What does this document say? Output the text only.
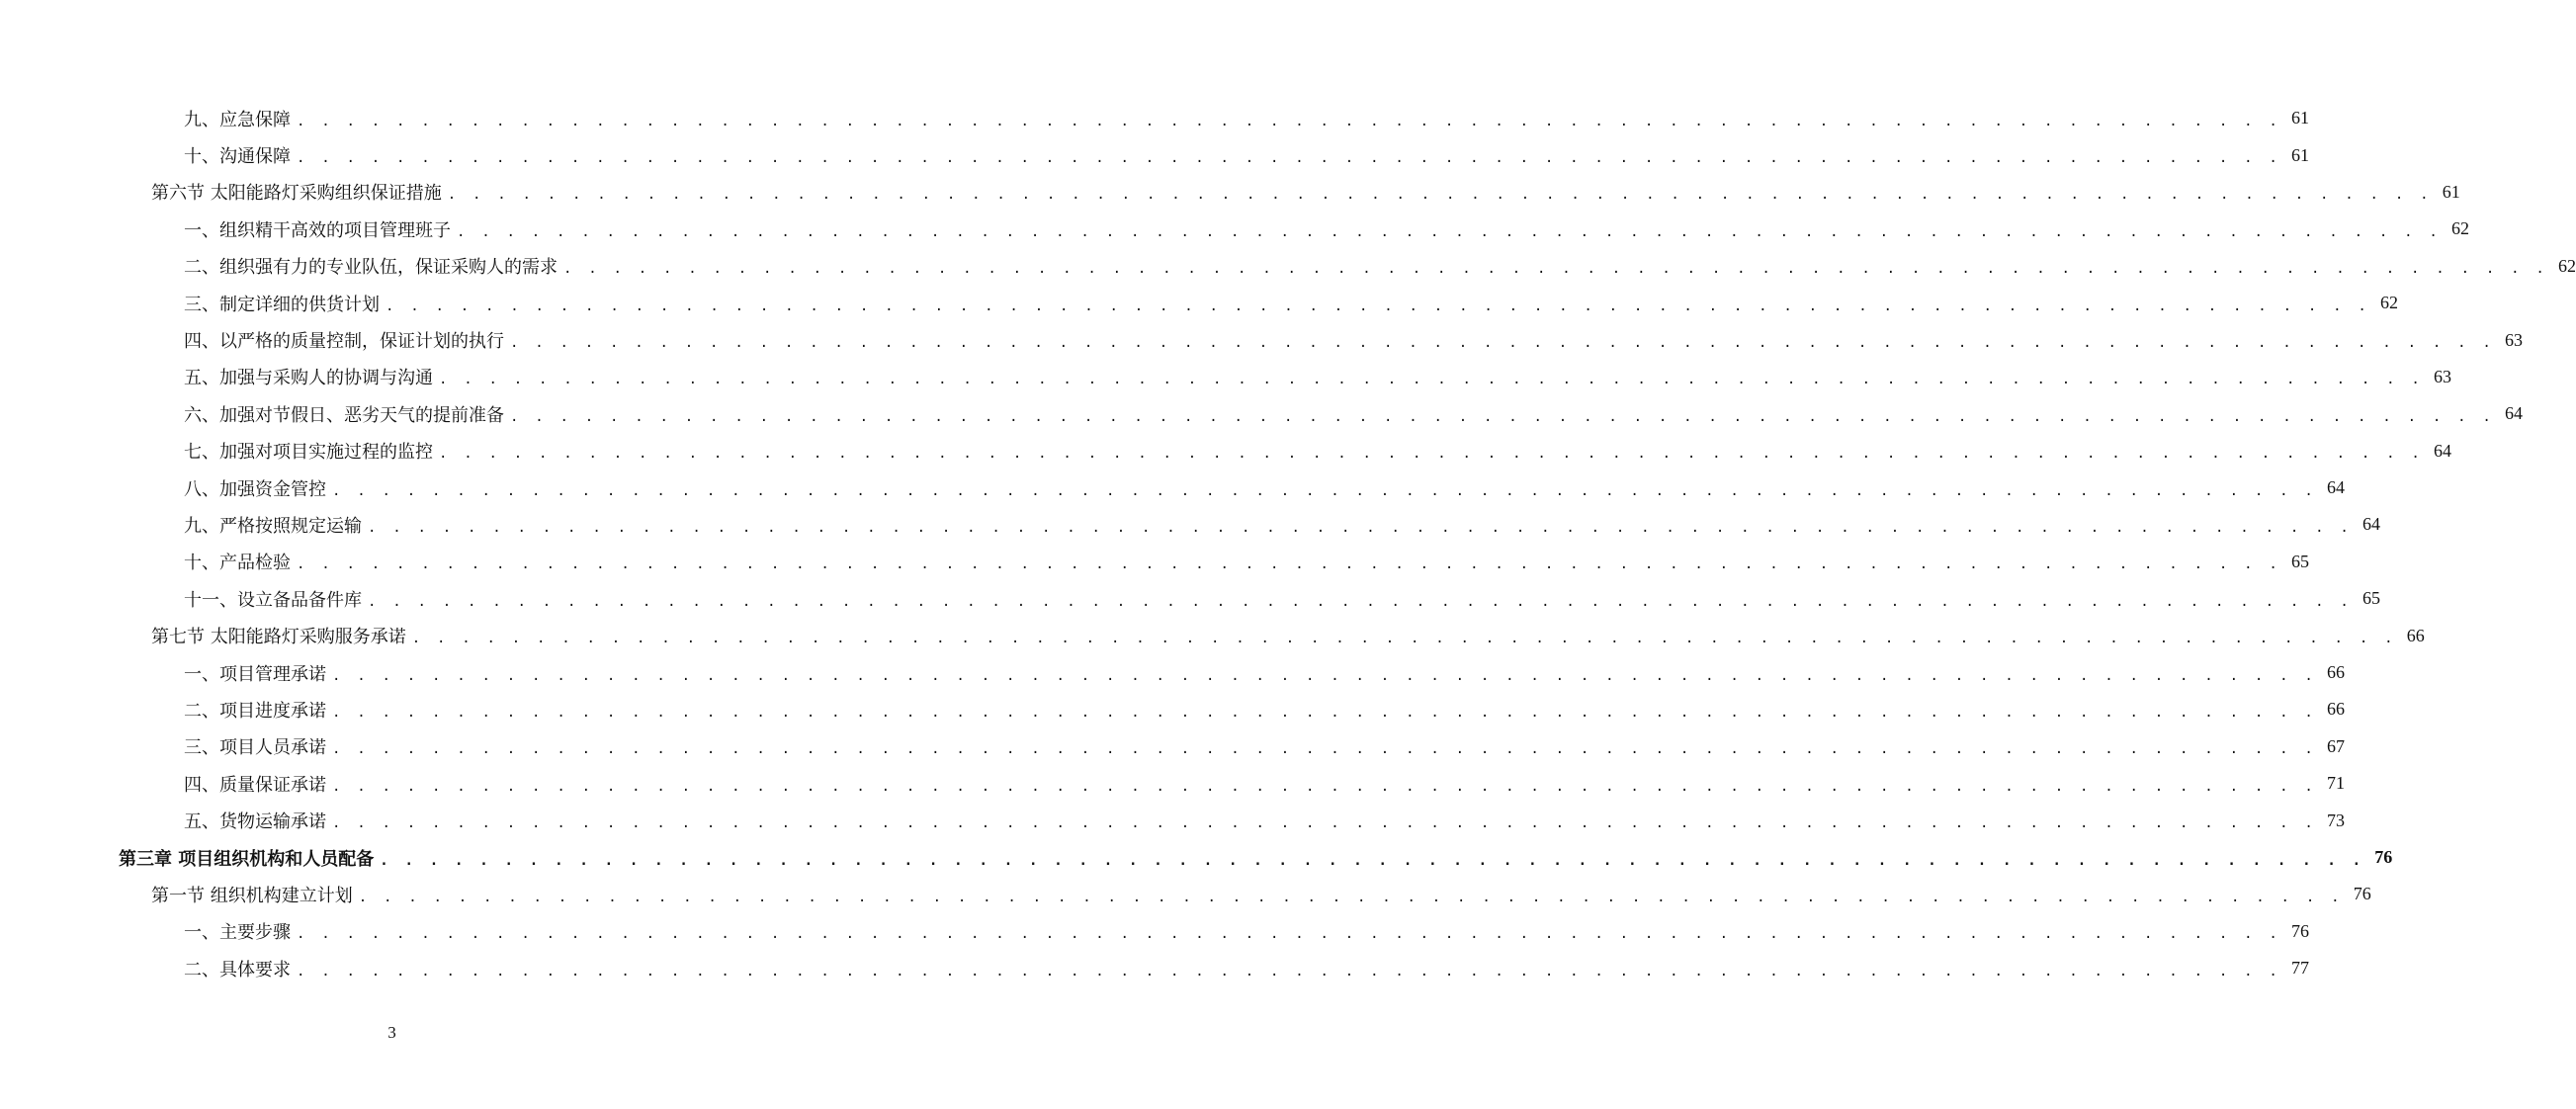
九、应急保障 . . . . . . . . . . . . . . . . . . . . . . . . . . . . . . . . . . . . . . . . . . . . . . . . . . . . . . . . . . . . . . . . . . . . . . . . . . . . . . . . 61
十、沟通保障 . . . . . . . . . . . . . . . . . . . . . . . . . . . . . . . . . . . . . . . . . . . . . . . . . . . . . . . . . . . . . . . . . . . . . . . . . . . . . . . . 61
第六节 太阳能路灯采购组织保证措施 . . . . . . . . . . . . . . . . . . . . . . . . . . . . . . . . . . . . . . . . . . . . . . . . . . . . . . . . . . . . . . . . . . . . . . . . . . . . . . . . 61
一、组织精干高效的项目管理班子 . . . . . . . . . . . . . . . . . . . . . . . . . . . . . . . . . . . . . . . . . . . . . . . . . . . . . . . . . . . . . . . . . . . . . . . . . . . . . . . . 62
二、组织强有力的专业队伍，保证采购人的需求 . . . . . . . . . . . . . . . . . . . . . . . . . . . . . . . . . . . . . . . . . . . . . . . . . . . . . . . . . . . . . . . . . . . . . . . . . . . . . . . . 62
三、制定详细的供货计划 . . . . . . . . . . . . . . . . . . . . . . . . . . . . . . . . . . . . . . . . . . . . . . . . . . . . . . . . . . . . . . . . . . . . . . . . . . . . . . . . 62
四、以严格的质量控制，保证计划的执行 . . . . . . . . . . . . . . . . . . . . . . . . . . . . . . . . . . . . . . . . . . . . . . . . . . . . . . . . . . . . . . . . . . . . . . . . . . . . . . . . 63
五、加强与采购人的协调与沟通 . . . . . . . . . . . . . . . . . . . . . . . . . . . . . . . . . . . . . . . . . . . . . . . . . . . . . . . . . . . . . . . . . . . . . . . . . . . . . . . . 63
六、加强对节假日、恶劣天气的提前准备 . . . . . . . . . . . . . . . . . . . . . . . . . . . . . . . . . . . . . . . . . . . . . . . . . . . . . . . . . . . . . . . . . . . . . . . . . . . . . . . . 64
七、加强对项目实施过程的监控 . . . . . . . . . . . . . . . . . . . . . . . . . . . . . . . . . . . . . . . . . . . . . . . . . . . . . . . . . . . . . . . . . . . . . . . . . . . . . . . . 64
八、加强资金管控 . . . . . . . . . . . . . . . . . . . . . . . . . . . . . . . . . . . . . . . . . . . . . . . . . . . . . . . . . . . . . . . . . . . . . . . . . . . . . . . . 64
九、严格按照规定运输 . . . . . . . . . . . . . . . . . . . . . . . . . . . . . . . . . . . . . . . . . . . . . . . . . . . . . . . . . . . . . . . . . . . . . . . . . . . . . . . . 64
十、产品检验 . . . . . . . . . . . . . . . . . . . . . . . . . . . . . . . . . . . . . . . . . . . . . . . . . . . . . . . . . . . . . . . . . . . . . . . . . . . . . . . . 65
十一、设立备品备件库 . . . . . . . . . . . . . . . . . . . . . . . . . . . . . . . . . . . . . . . . . . . . . . . . . . . . . . . . . . . . . . . . . . . . . . . . . . . . . . . . 65
第七节 太阳能路灯采购服务承诺 . . . . . . . . . . . . . . . . . . . . . . . . . . . . . . . . . . . . . . . . . . . . . . . . . . . . . . . . . . . . . . . . . . . . . . . . . . . . . . . . 66
一、项目管理承诺 . . . . . . . . . . . . . . . . . . . . . . . . . . . . . . . . . . . . . . . . . . . . . . . . . . . . . . . . . . . . . . . . . . . . . . . . . . . . . . . . 66
二、项目进度承诺 . . . . . . . . . . . . . . . . . . . . . . . . . . . . . . . . . . . . . . . . . . . . . . . . . . . . . . . . . . . . . . . . . . . . . . . . . . . . . . . . 66
三、项目人员承诺 . . . . . . . . . . . . . . . . . . . . . . . . . . . . . . . . . . . . . . . . . . . . . . . . . . . . . . . . . . . . . . . . . . . . . . . . . . . . . . . . 67
四、质量保证承诺 . . . . . . . . . . . . . . . . . . . . . . . . . . . . . . . . . . . . . . . . . . . . . . . . . . . . . . . . . . . . . . . . . . . . . . . . . . . . . . . . 71
五、货物运输承诺 . . . . . . . . . . . . . . . . . . . . . . . . . . . . . . . . . . . . . . . . . . . . . . . . . . . . . . . . . . . . . . . . . . . . . . . . . . . . . . . . 73
第三章 项目组织机构和人员配备 . . . . . . . . . . . . . . . . . . . . . . . . . . . . . . . . . . . . . . . . . . . . . . . . . . . . . . . . . . . . . . . . . . . . . . . . . . . . . . . . 76
第一节 组织机构建立计划 . . . . . . . . . . . . . . . . . . . . . . . . . . . . . . . . . . . . . . . . . . . . . . . . . . . . . . . . . . . . . . . . . . . . . . . . . . . . . . . . 76
一、主要步骤 . . . . . . . . . . . . . . . . . . . . . . . . . . . . . . . . . . . . . . . . . . . . . . . . . . . . . . . . . . . . . . . . . . . . . . . . . . . . . . . . 76
二、具体要求 . . . . . . . . . . . . . . . . . . . . . . . . . . . . . . . . . . . . . . . . . . . . . . . . . . . . . . . . . . . . . . . . . . . . . . . . . . . . . . . . 77
3
